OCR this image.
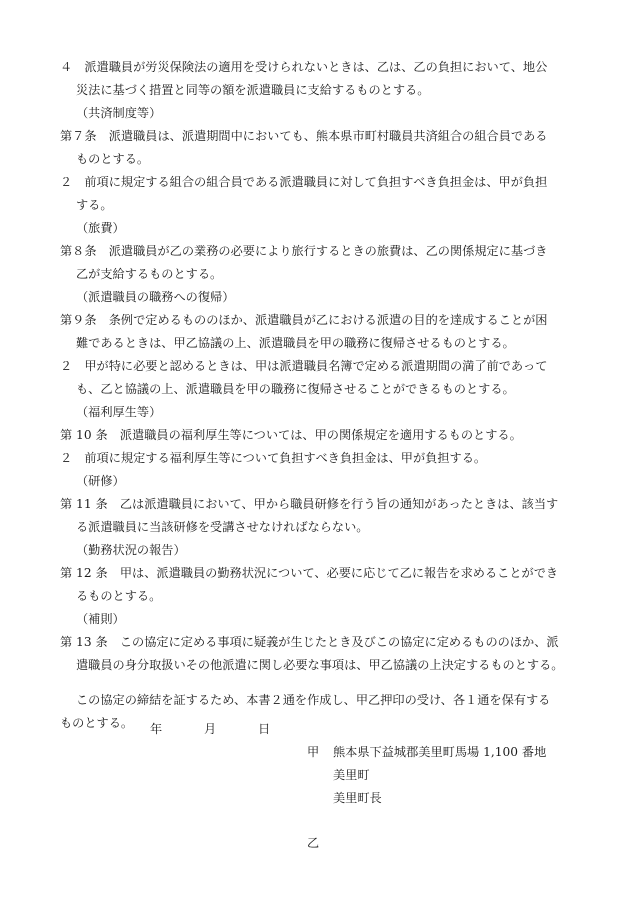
４　派遣職員が労災保険法の適用を受けられないときは、乙は、乙の負担において、地公
災法に基づく措置と同等の額を派遣職員に支給するものとする。
（共済制度等）
第７条　派遣職員は、派遣期間中においても、熊本県市町村職員共済組合の組合員である
ものとする。
２　前項に規定する組合の組合員である派遣職員に対して負担すべき負担金は、甲が負担
する。
（旅費）
第８条　派遣職員が乙の業務の必要により旅行するときの旅費は、乙の関係規定に基づき
乙が支給するものとする。
（派遣職員の職務への復帰）
第９条　条例で定めるもののほか、派遣職員が乙における派遣の目的を達成することが困
難であるときは、甲乙協議の上、派遣職員を甲の職務に復帰させるものとする。
２　甲が特に必要と認めるときは、甲は派遣職員名簿で定める派遣期間の満了前であって
も、乙と協議の上、派遣職員を甲の職務に復帰させることができるものとする。
（福利厚生等）
第 10 条　派遣職員の福利厚生等については、甲の関係規定を適用するものとする。
２　前項に規定する福利厚生等について負担すべき負担金は、甲が負担する。
（研修）
第 11 条　乙は派遣職員において、甲から職員研修を行う旨の通知があったときは、該当す
る派遣職員に当該研修を受講させなければならない。
（勤務状況の報告）
第 12 条　甲は、派遣職員の勤務状況について、必要に応じて乙に報告を求めることができ
るものとする。
（補則）
第 13 条　この協定に定める事項に疑義が生じたとき及びこの協定に定めるもののほか、派
遣職員の身分取扱いその他派遣に関し必要な事項は、甲乙協議の上決定するものとする。
この協定の締結を証するため、本書２通を作成し、甲乙押印の受け、各１通を保有する
ものとする。 年	月	日
甲 熊本県下益城郡美里町馬場 1,100 番地
美里町
美里町長
乙
